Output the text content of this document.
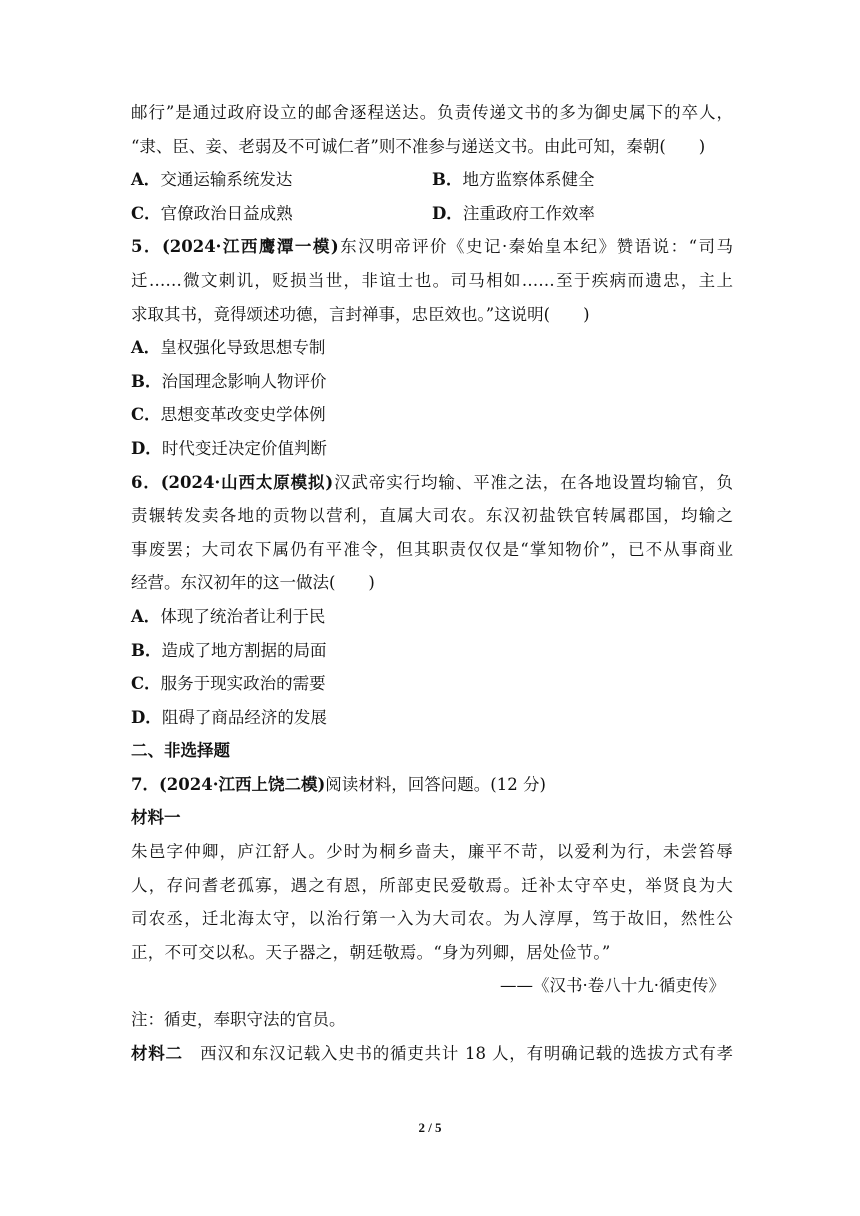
邮行”是通过政府设立的邮舍逐程送达。负责传递文书的多为御史属下的卒人，
“隶、臣、妾、老弱及不可诚仁者”则不准参与递送文书。由此可知，秦朝(　　)
A．交通运输系统发达	B．地方监察体系健全
C．官僚政治日益成熟	D．注重政府工作效率
5．(2024·江西鹰潭一模)东汉明帝评价《史记·秦始皇本纪》赞语说：“司马
迁……微文刺讥，贬损当世，非谊士也。司马相如……至于疾病而遗忠，主上
求取其书，竟得颂述功德，言封禅事，忠臣效也。”这说明(　　)
A．皇权强化导致思想专制
B．治国理念影响人物评价
C．思想变革改变史学体例
D．时代变迁决定价值判断
6．(2024·山西太原模拟)汉武帝实行均输、平准之法，在各地设置均输官，负
责辗转发卖各地的贡物以营利，直属大司农。东汉初盐铁官转属郡国，均输之
事废罢；大司农下属仍有平准令，但其职责仅仅是“掌知物价”，已不从事商业
经营。东汉初年的这一做法(　　)
A．体现了统治者让利于民
B．造成了地方割据的局面
C．服务于现实政治的需要
D．阻碍了商品经济的发展
二、非选择题
7．(2024·江西上饶二模)阅读材料，回答问题。(12 分)
材料一
朱邑字仲卿，庐江舒人。少时为桐乡啬夫，廉平不苛，以爱利为行，未尝笞辱
人，存问耆老孤寡，遇之有恩，所部吏民爱敬焉。迁补太守卒史，举贤良为大
司农丞，迁北海太守，以治行第一入为大司农。为人淳厚，笃于故旧，然性公
正，不可交以私。天子器之，朝廷敬焉。“身为列卿，居处俭节。”
——《汉书·卷八十九·循吏传》
注：循吏，奉职守法的官员。
材料二　 西汉和东汉记载入史书的循吏共计 18 人，有明确记载的选拔方式有孝
2 / 5
